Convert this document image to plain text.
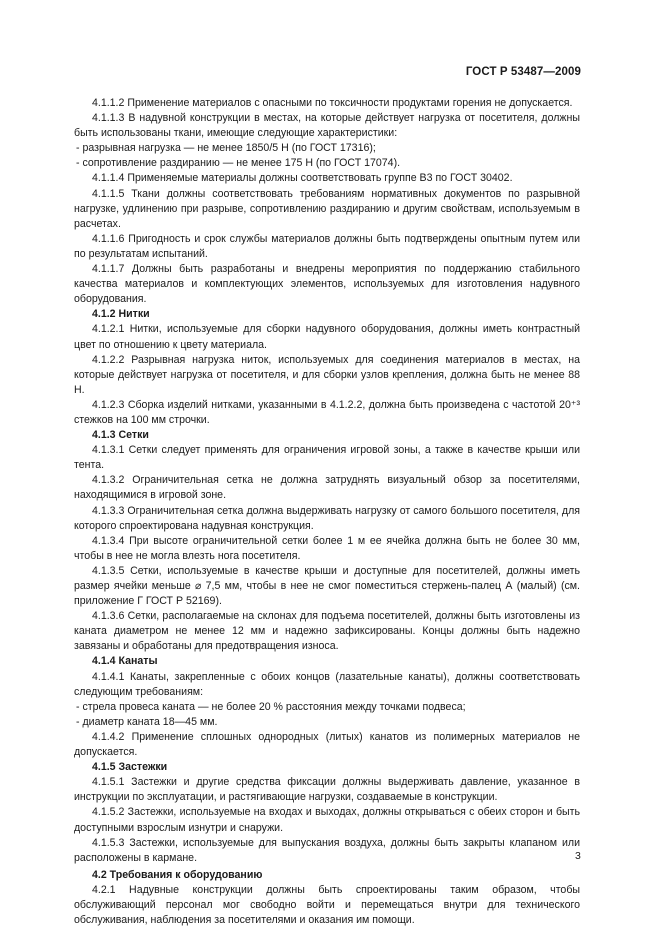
ГОСТ Р 53487—2009

4.1.1.2 Применение материалов с опасными по токсичности продуктами горения не допускается.

4.1.1.3 В надувной конструкции в местах, на которые действует нагрузка от посетителя, должны быть использованы ткани, имеющие следующие характеристики:

- разрывная нагрузка — не менее 1850/5 Н (по ГОСТ 17316);

- сопротивление раздиранию — не менее 175 Н (по ГОСТ 17074).

4.1.1.4 Применяемые материалы должны соответствовать группе В3 по ГОСТ 30402.

4.1.1.5 Ткани должны соответствовать требованиям нормативных документов по разрывной нагрузке, удлинению при разрыве, сопротивлению раздиранию и другим свойствам, используемым в расчетах.

4.1.1.6 Пригодность и срок службы материалов должны быть подтверждены опытным путем или по результатам испытаний.

4.1.1.7 Должны быть разработаны и внедрены мероприятия по поддержанию стабильного качества материалов и комплектующих элементов, используемых для изготовления надувного оборудования.

4.1.2 Нитки

4.1.2.1 Нитки, используемые для сборки надувного оборудования, должны иметь контрастный цвет по отношению к цвету материала.

4.1.2.2 Разрывная нагрузка ниток, используемых для соединения материалов в местах, на которые действует нагрузка от посетителя, и для сборки узлов крепления, должна быть не менее 88 Н.

4.1.2.3 Сборка изделий нитками, указанными в 4.1.2.2, должна быть произведена с частотой 20⁺³ стежков на 100 мм строчки.

4.1.3 Сетки

4.1.3.1 Сетки следует применять для ограничения игровой зоны, а также в качестве крыши или тента.

4.1.3.2 Ограничительная сетка не должна затруднять визуальный обзор за посетителями, находящимися в игровой зоне.

4.1.3.3 Ограничительная сетка должна выдерживать нагрузку от самого большого посетителя, для которого спроектирована надувная конструкция.

4.1.3.4 При высоте ограничительной сетки более 1 м ее ячейка должна быть не более 30 мм, чтобы в нее не могла влезть нога посетителя.

4.1.3.5 Сетки, используемые в качестве крыши и доступные для посетителей, должны иметь размер ячейки меньше ⌀ 7,5 мм, чтобы в нее не смог поместиться стержень-палец А (малый) (см. приложение Г ГОСТ Р 52169).

4.1.3.6 Сетки, располагаемые на склонах для подъема посетителей, должны быть изготовлены из каната диаметром не менее 12 мм и надежно зафиксированы. Концы должны быть надежно завязаны и обработаны для предотвращения износа.

4.1.4 Канаты

4.1.4.1 Канаты, закрепленные с обоих концов (лазательные канаты), должны соответствовать следующим требованиям:

- стрела провеса каната — не более 20 % расстояния между точками подвеса;

- диаметр каната 18—45 мм.

4.1.4.2 Применение сплошных однородных (литых) канатов из полимерных материалов не допускается.

4.1.5 Застежки

4.1.5.1 Застежки и другие средства фиксации должны выдерживать давление, указанное в инструкции по эксплуатации, и растягивающие нагрузки, создаваемые в конструкции.

4.1.5.2 Застежки, используемые на входах и выходах, должны открываться с обеих сторон и быть доступными взрослым изнутри и снаружи.

4.1.5.3 Застежки, используемые для выпускания воздуха, должны быть закрыты клапаном или расположены в кармане.

4.2 Требования к оборудованию

4.2.1 Надувные конструкции должны быть спроектированы таким образом, чтобы обслуживающий персонал мог свободно войти и перемещаться внутри для технического обслуживания, наблюдения за посетителями и оказания им помощи.

3
